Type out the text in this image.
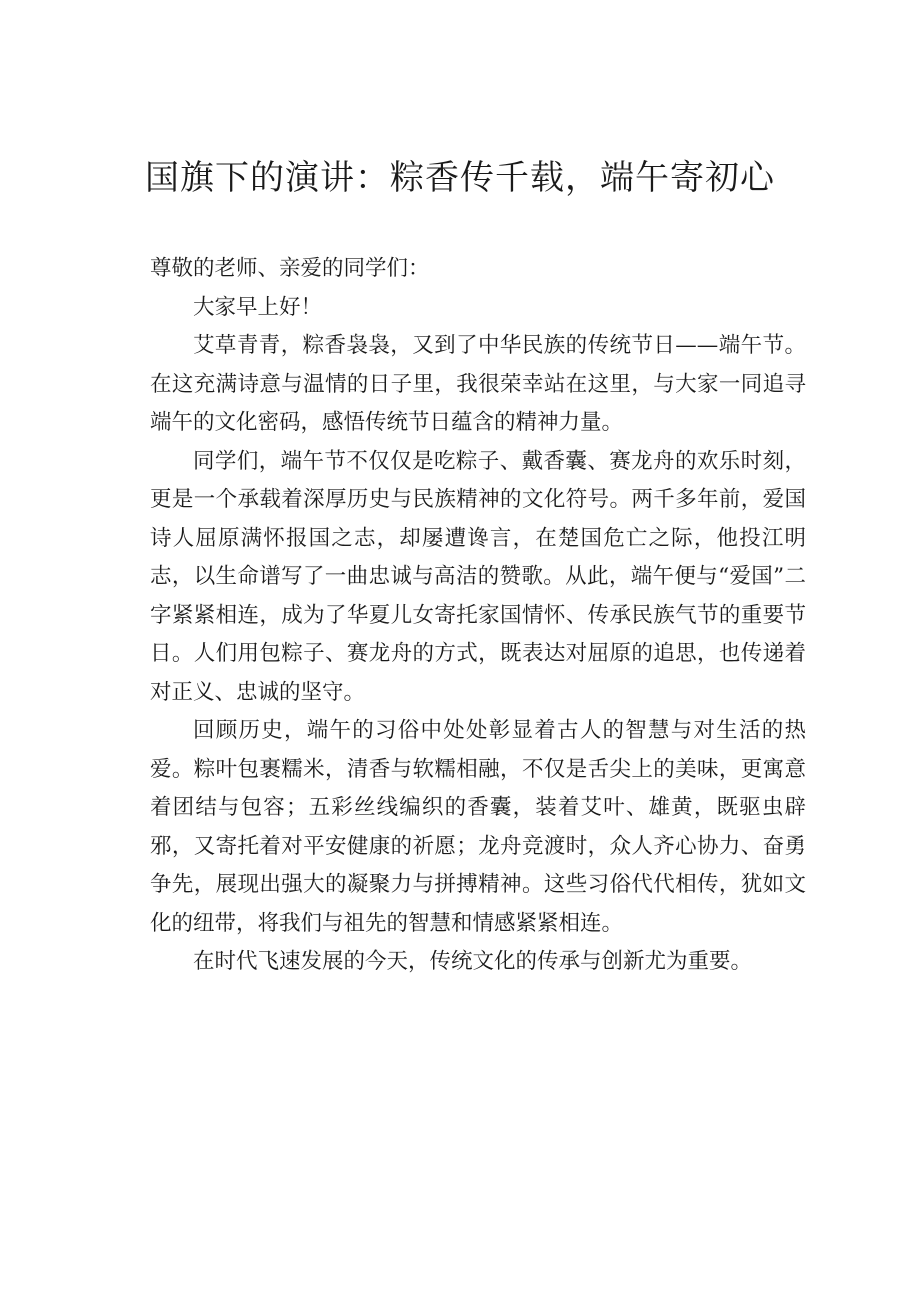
国旗下的演讲：粽香传千载，端午寄初心

尊敬的老师、亲爱的同学们：

大家早上好！

艾草青青，粽香袅袅，又到了中华民族的传统节日——端午节。在这充满诗意与温情的日子里，我很荣幸站在这里，与大家一同追寻端午的文化密码，感悟传统节日蕴含的精神力量。

同学们，端午节不仅仅是吃粽子、戴香囊、赛龙舟的欢乐时刻，更是一个承载着深厚历史与民族精神的文化符号。两千多年前，爱国诗人屈原满怀报国之志，却屡遭谗言，在楚国危亡之际，他投江明志，以生命谱写了一曲忠诚与高洁的赞歌。从此，端午便与“爱国”二字紧紧相连，成为了华夏儿女寄托家国情怀、传承民族气节的重要节日。人们用包粽子、赛龙舟的方式，既表达对屈原的追思，也传递着对正义、忠诚的坚守。

回顾历史，端午的习俗中处处彰显着古人的智慧与对生活的热爱。粽叶包裹糯米，清香与软糯相融，不仅是舌尖上的美味，更寓意着团结与包容；五彩丝线编织的香囊，装着艾叶、雄黄，既驱虫辟邪，又寄托着对平安健康的祈愿；龙舟竞渡时，众人齐心协力、奋勇争先，展现出强大的凝聚力与拼搏精神。这些习俗代代相传，犹如文化的纽带，将我们与祖先的智慧和情感紧紧相连。

在时代飞速发展的今天，传统文化的传承与创新尤为重要。
